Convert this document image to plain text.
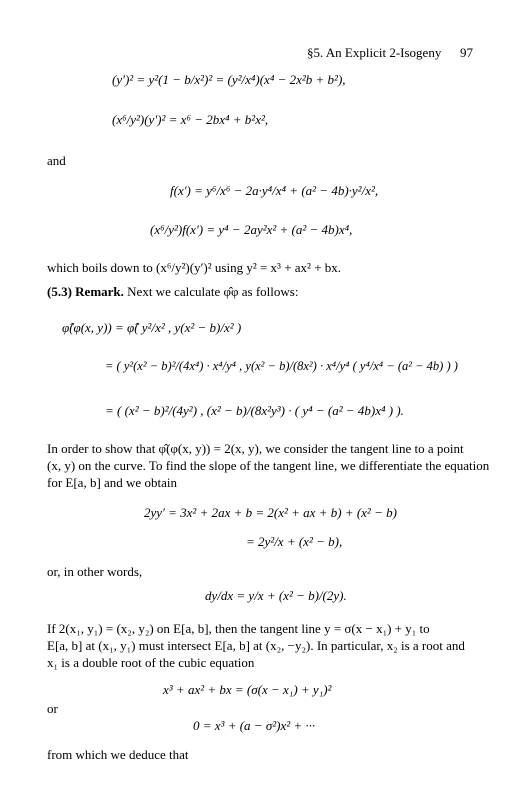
§5. An Explicit 2-Isogeny 97
(y′)² = y²(1 − b/x²)² = (y²/x⁴)(x⁴ − 2x²b + b²),
(x⁶/y²)(y′)² = x⁶ − 2bx⁴ + b²x²,
and
f(x′) = y⁶/x⁶ − 2a·y⁴/x⁴ + (a² − 4b)·y²/x²,
(x⁶/y²)f(x′) = y⁴ − 2ay²x² + (a² − 4b)x⁴,
which boils down to (x⁶/y²)(y′)² using y² = x³ + ax² + bx.
(5.3) Remark. Next we calculate φ̂φ as follows:
φ̂(φ(x, y)) = φ̂( y²/x² , y(x² − b)/x² )
= ( y²(x² − b)²/(4x⁴) · x⁴/y⁴ , y(x² − b)/(8x²) · x⁴/y⁴ ( y⁴/x⁴ − (a² − 4b) ) )
= ( (x² − b)²/(4y²) , (x² − b)/(8x²y³) · ( y⁴ − (a² − 4b)x⁴ ) ).
In order to show that φ̂(φ(x, y)) = 2(x, y), we consider the tangent line to a point
(x, y) on the curve. To find the slope of the tangent line, we differentiate the equation
for E[a, b] and we obtain
2yy′ = 3x² + 2ax + b = 2(x² + ax + b) + (x² − b)
= 2y²/x + (x² − b),
or, in other words,
dy/dx = y/x + (x² − b)/(2y).
If 2(x₁, y₁) = (x₂, y₂) on E[a, b], then the tangent line y = σ(x − x₁) + y₁ to
E[a, b] at (x₁, y₁) must intersect E[a, b] at (x₂, −y₂). In particular, x₂ is a root and
x₁ is a double root of the cubic equation
x³ + ax² + bx = (σ(x − x₁) + y₁)²
or
0 = x³ + (a − σ²)x² + ···
from which we deduce that
